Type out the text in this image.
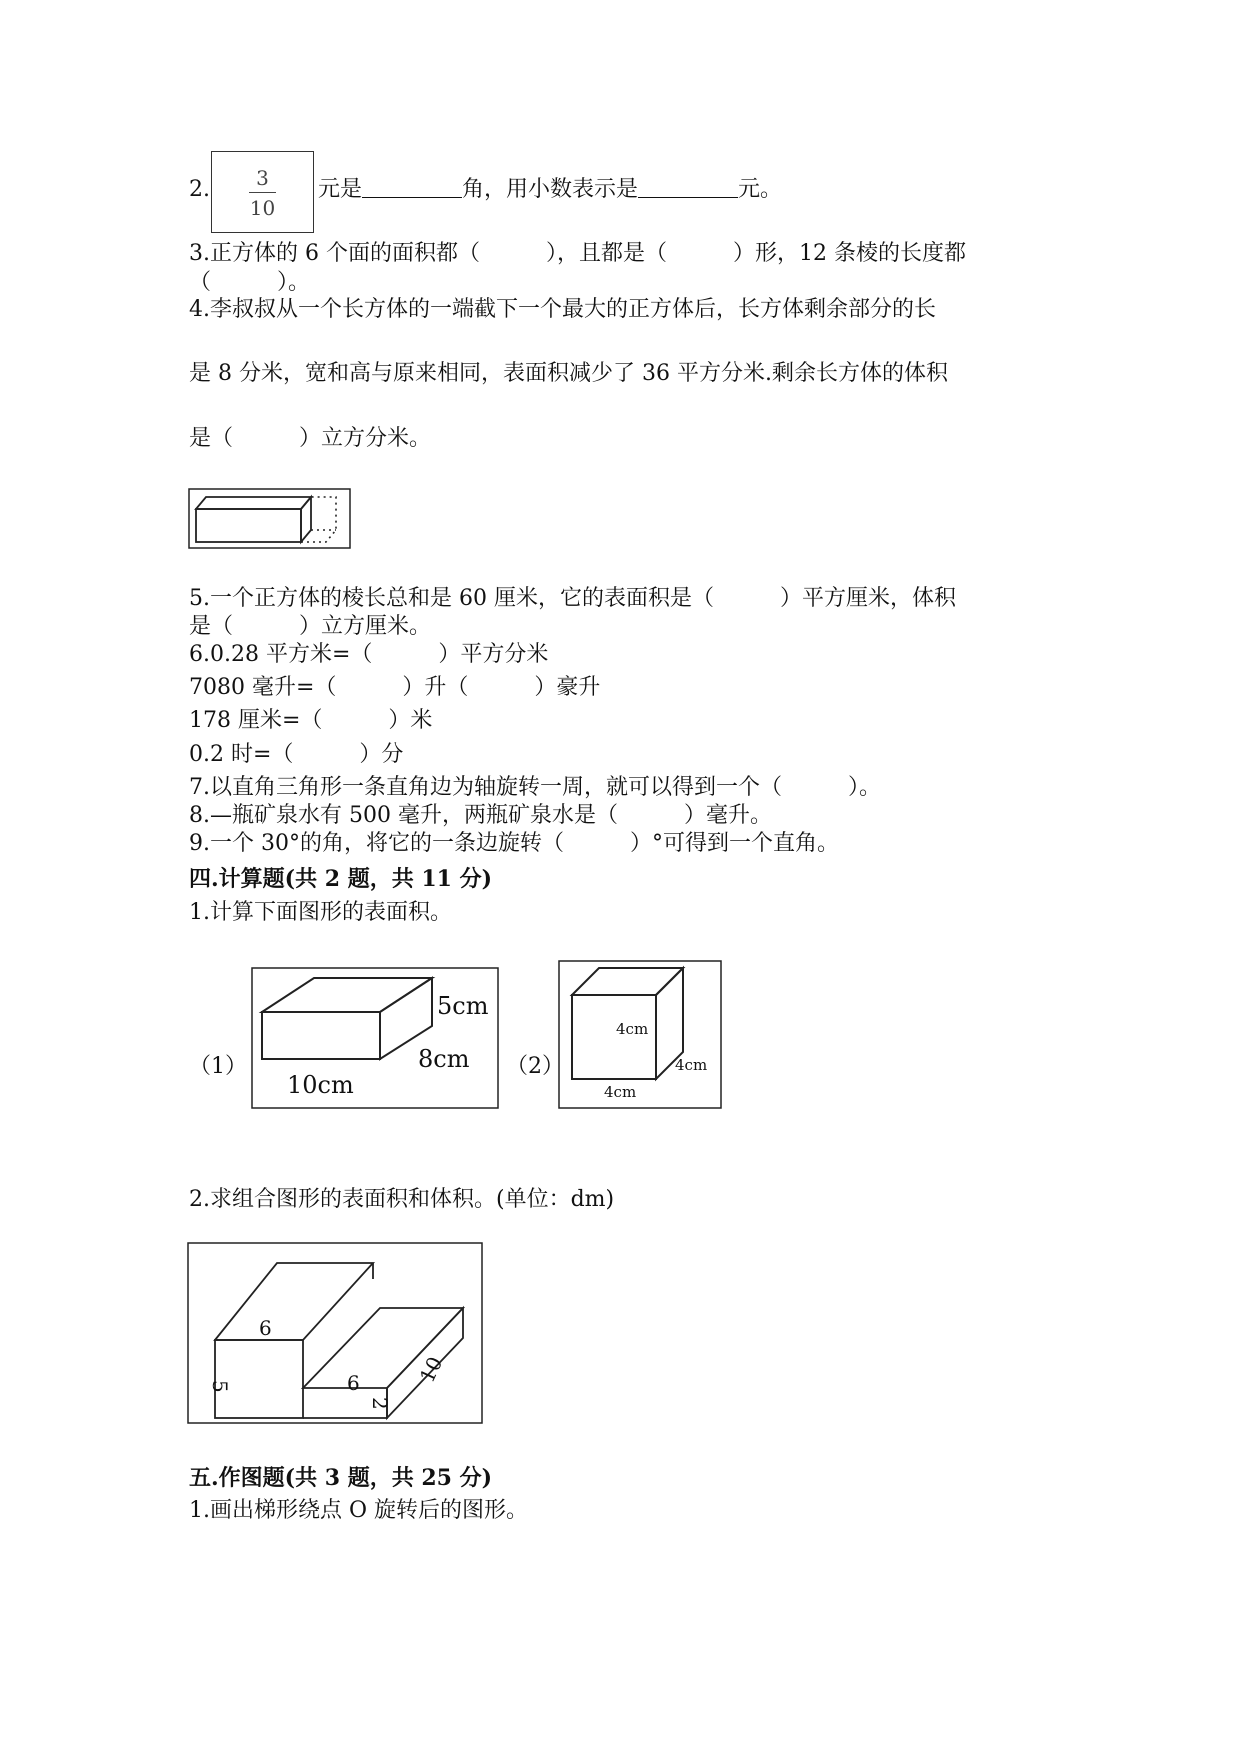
2.	3
10
元是	角，用小数表示是	元。
3.正方体的 6 个面的面积都（　　　），且都是（　　　）形，12 条棱的长度都
（　　　）。
4.李叔叔从一个长方体的一端截下一个最大的正方体后，长方体剩余部分的长
是 8 分米，宽和高与原来相同，表面积减少了 36 平方分米.剩余长方体的体积
是（　　　）立方分米。
5.一个正方体的棱长总和是 60 厘米，它的表面积是（　　　）平方厘米，体积
是（　　　）立方厘米。
6.0.28 平方米=（　　　）平方分米
7080 毫升=（　　　）升（　　　）豪升
178 厘米=（　　　）米
0.2 时=（　　　）分
7.以直角三角形一条直角边为轴旋转一周，就可以得到一个（　　　）。
8.—瓶矿泉水有 500 毫升，两瓶矿泉水是（　　　）毫升。
9.一个 30°的角，将它的一条边旋转（　　　）°可得到一个直角。
四.计算题(共 2 题，共 11 分)
1.计算下面图形的表面积。
（1）
5cm
8cm
10cm
（2）
4cm
4cm
4cm
2.求组合图形的表面积和体积。(单位：dm)
6
5	6
2
10
五.作图题(共 3 题，共 25 分)
1.画出梯形绕点 O 旋转后的图形。
